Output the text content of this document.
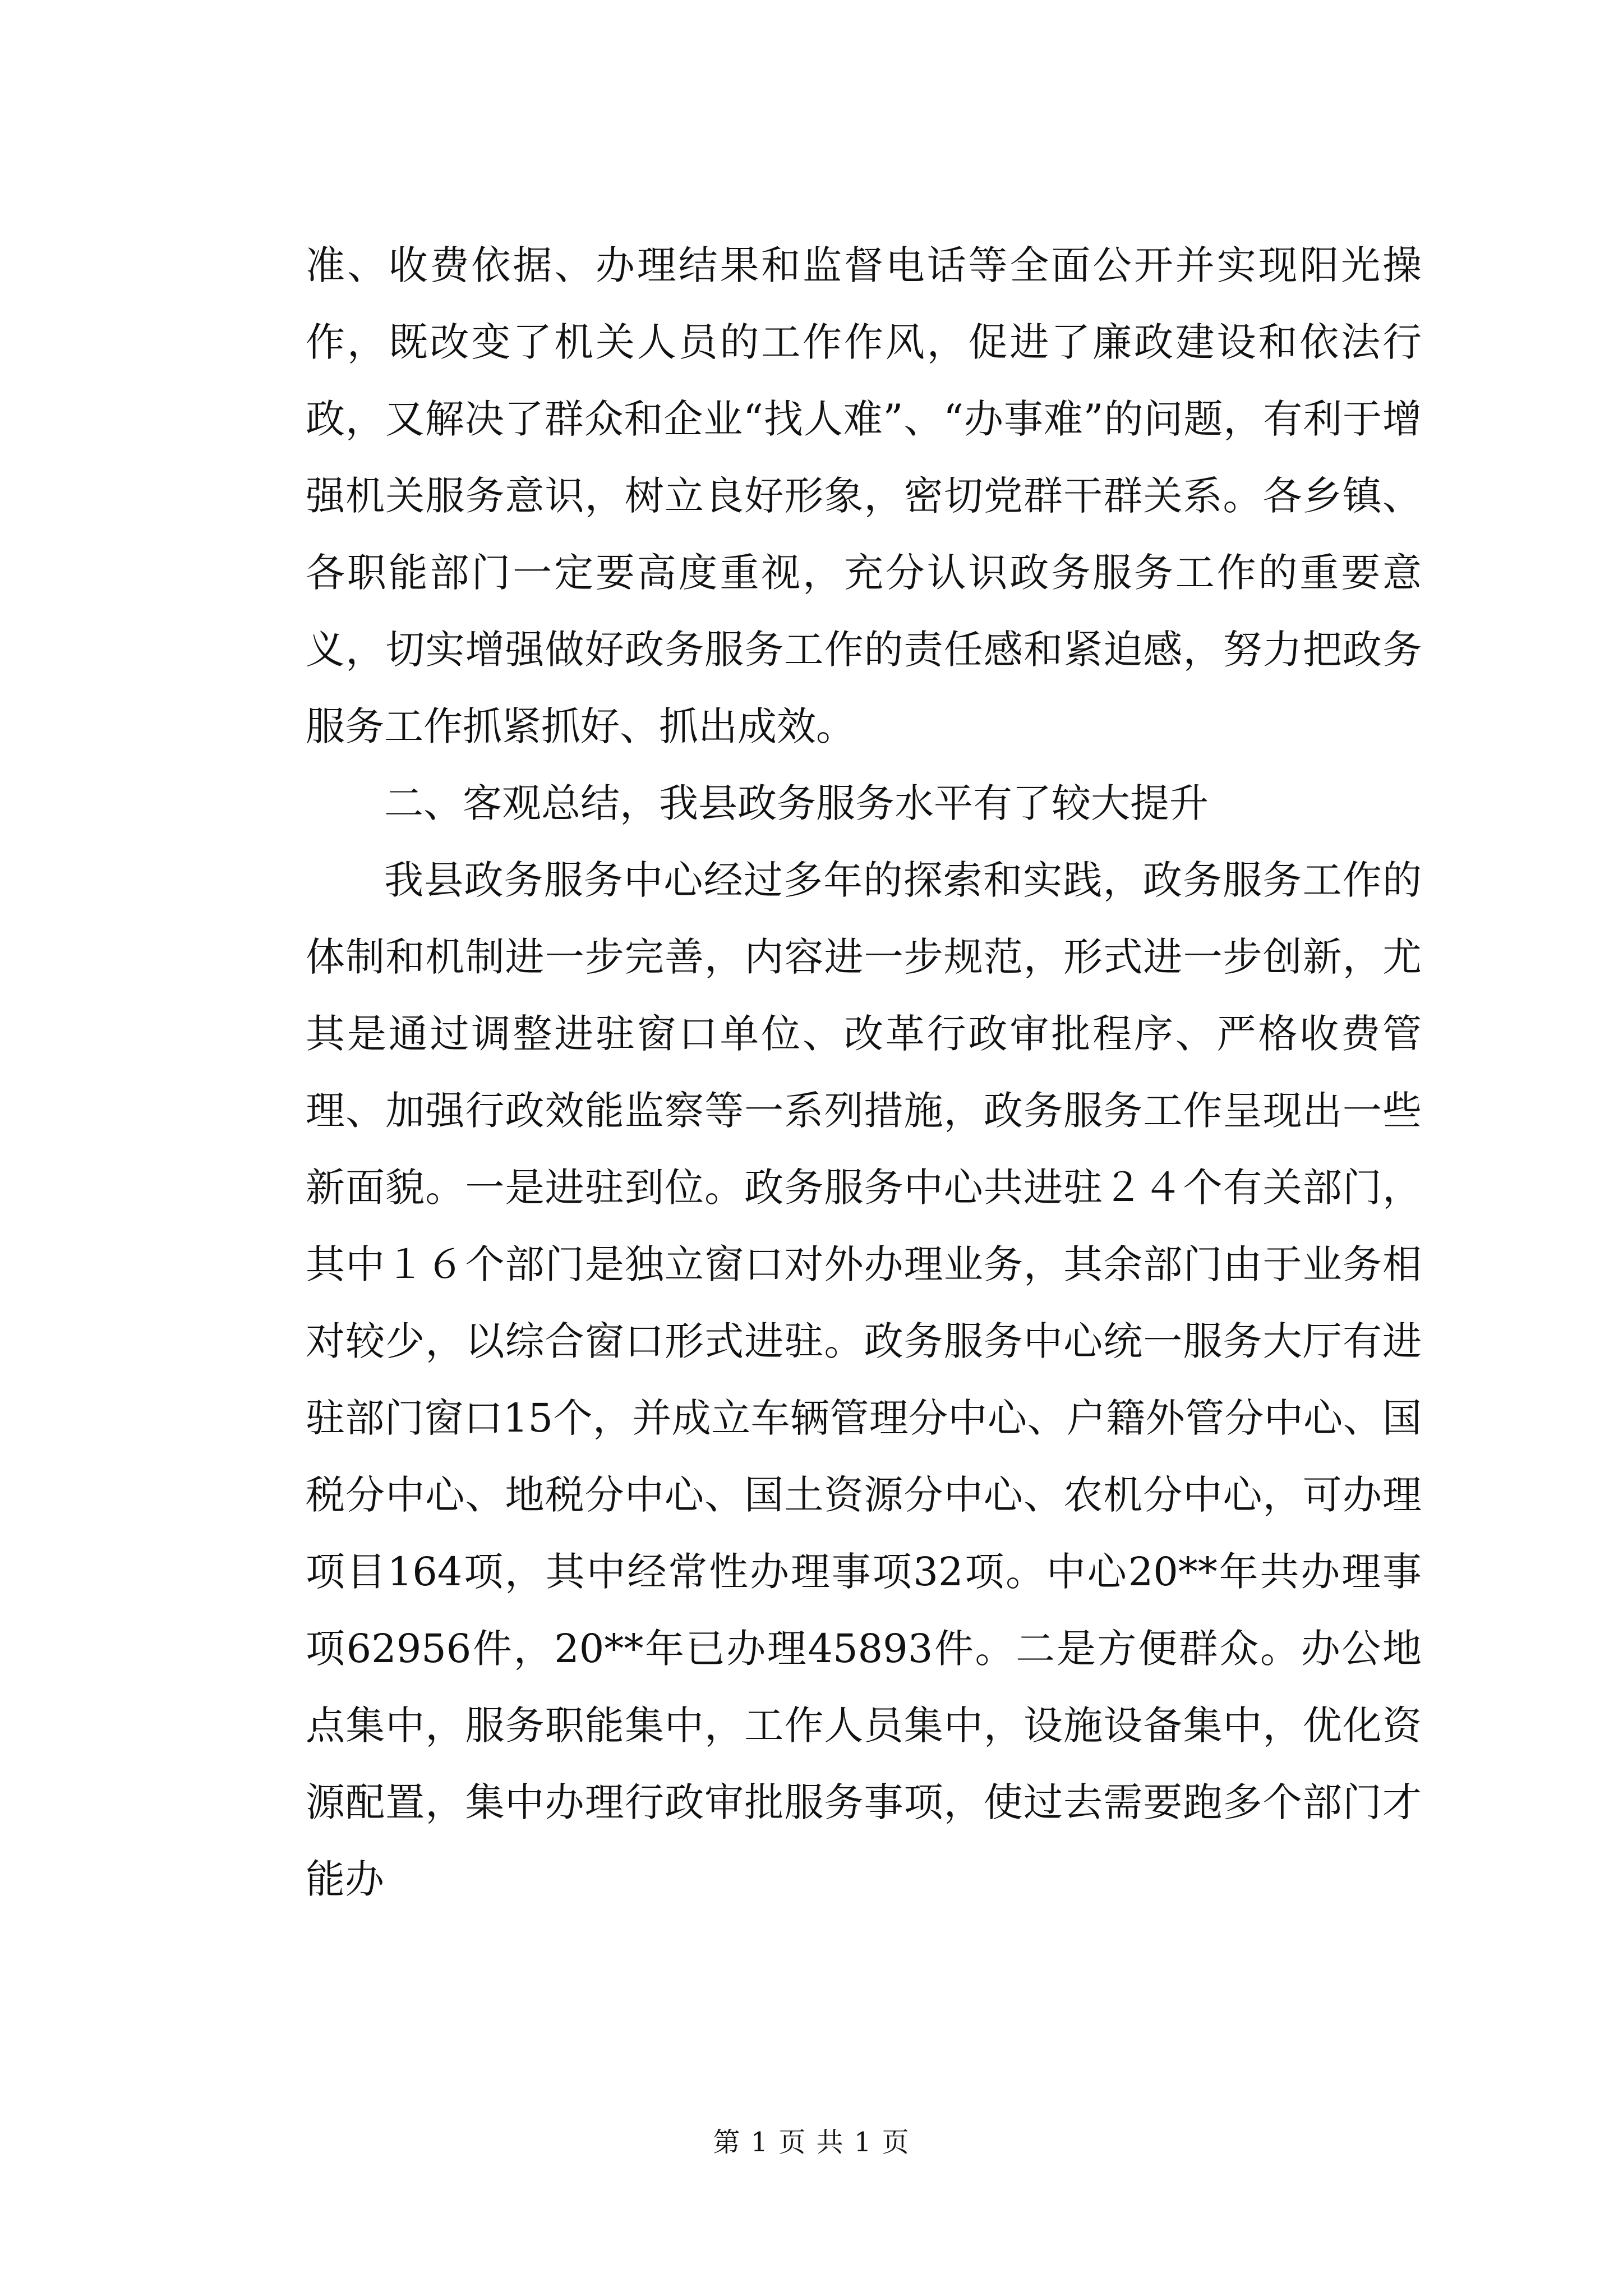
准、收费依据、办理结果和监督电话等全面公开并实现阳光操作，既改变了机关人员的工作作风，促进了廉政建设和依法行政，又解决了群众和企业“找人难”、“办事难”的问题，有利于增强机关服务意识，树立良好形象，密切党群干群关系。各乡镇、各职能部门一定要高度重视，充分认识政务服务工作的重要意义，切实增强做好政务服务工作的责任感和紧迫感，努力把政务服务工作抓紧抓好、抓出成效。

二、客观总结，我县政务服务水平有了较大提升

我县政务服务中心经过多年的探索和实践，政务服务工作的体制和机制进一步完善，内容进一步规范，形式进一步创新，尤其是通过调整进驻窗口单位、改革行政审批程序、严格收费管理、加强行政效能监察等一系列措施，政务服务工作呈现出一些新面貌。一是进驻到位。政务服务中心共进驻２４个有关部门，其中１６个部门是独立窗口对外办理业务，其余部门由于业务相对较少，以综合窗口形式进驻。政务服务中心统一服务大厅有进驻部门窗口15个，并成立车辆管理分中心、户籍外管分中心、国税分中心、地税分中心、国土资源分中心、农机分中心，可办理项目164项，其中经常性办理事项32项。中心20**年共办理事项62956件，20**年已办理45893件。二是方便群众。办公地点集中，服务职能集中，工作人员集中，设施设备集中，优化资源配置，集中办理行政审批服务事项，使过去需要跑多个部门才能办

第 1 页 共 1 页
